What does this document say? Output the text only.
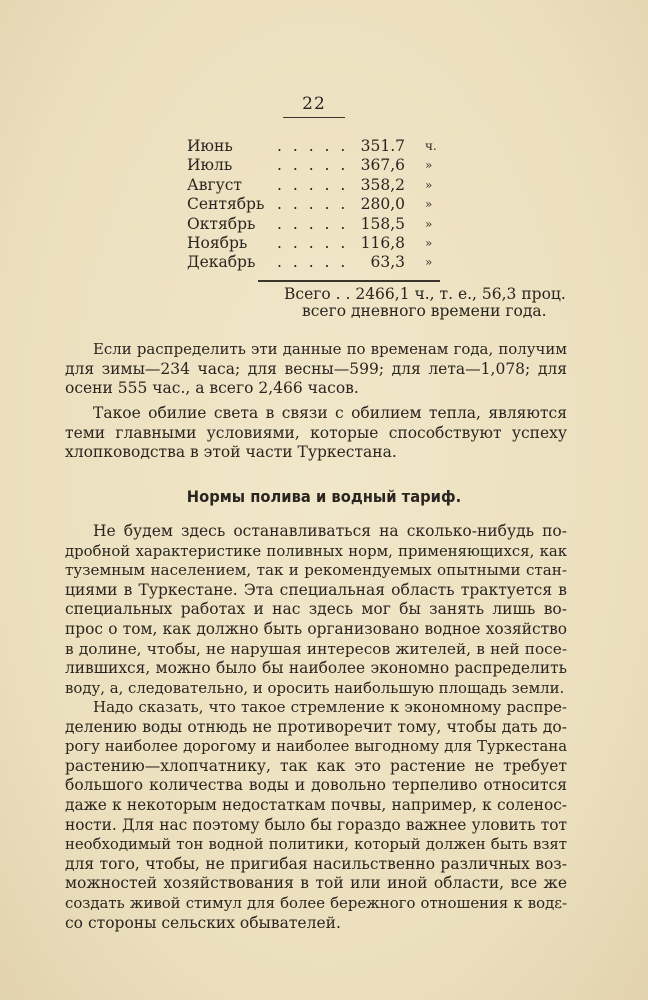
22
Июнь	. . . . . 351.7 ч.
Июль	. . . . . 367,6 »
Август . . . . . 358,2 »
Сентябрь . . . . . 280,0 »
Октябрь . . . . . 158,5 »
Ноябрь . . . . . 116,8 »
Декабрь . . . . . 63,3 »
Всего . . 2466,1 ч., т. е., 56,3 проц.
всего дневного времени года.
Если распределить эти данные по временам года, получим
для зимы—234 часа; для весны—599; для лета—1,078; для
осени 555 час., а всего 2,466 часов.
Такое обилие света в связи с обилием тепла, являются
теми главными условиями, которые способствуют успеху
хлопководства в этой части Туркестана.
Нормы полива и водный тариф.
Не будем здесь останавливаться на сколько-нибудь по-
дробной характеристике поливных норм, применяющихся, как
туземным населением, так и рекомендуемых опытными стан-
циями в Туркестане. Эта специальная область трактуется в
специальных работах и нас здесь мог бы занять лишь во-
прос о том, как должно быть организовано водное хозяйство
в долине, чтобы, не нарушая интересов жителей, в ней посе-
лившихся, можно было бы наиболее экономно распределить
воду, а, следовательно, и оросить наибольшую площадь земли.
Надо сказать, что такое стремление к экономному распре-
делению воды отнюдь не противоречит тому, чтобы дать до-
рогу наиболее дорогому и наиболее выгодному для Туркестана
растению—хлопчатнику, так как это растение не требует
большого количества воды и довольно терпеливо относится
даже к некоторым недостаткам почвы, например, к соленос-
ности. Для нас поэтому было бы гораздо важнее уловить тот
необходимый тон водной политики, который должен быть взят
для того, чтобы, не пригибая насильственно различных воз-
можностей хозяйствования в той или иной области, все же
создать живой стимул для более бережного отношения к водε-
со стороны сельских обывателей.
